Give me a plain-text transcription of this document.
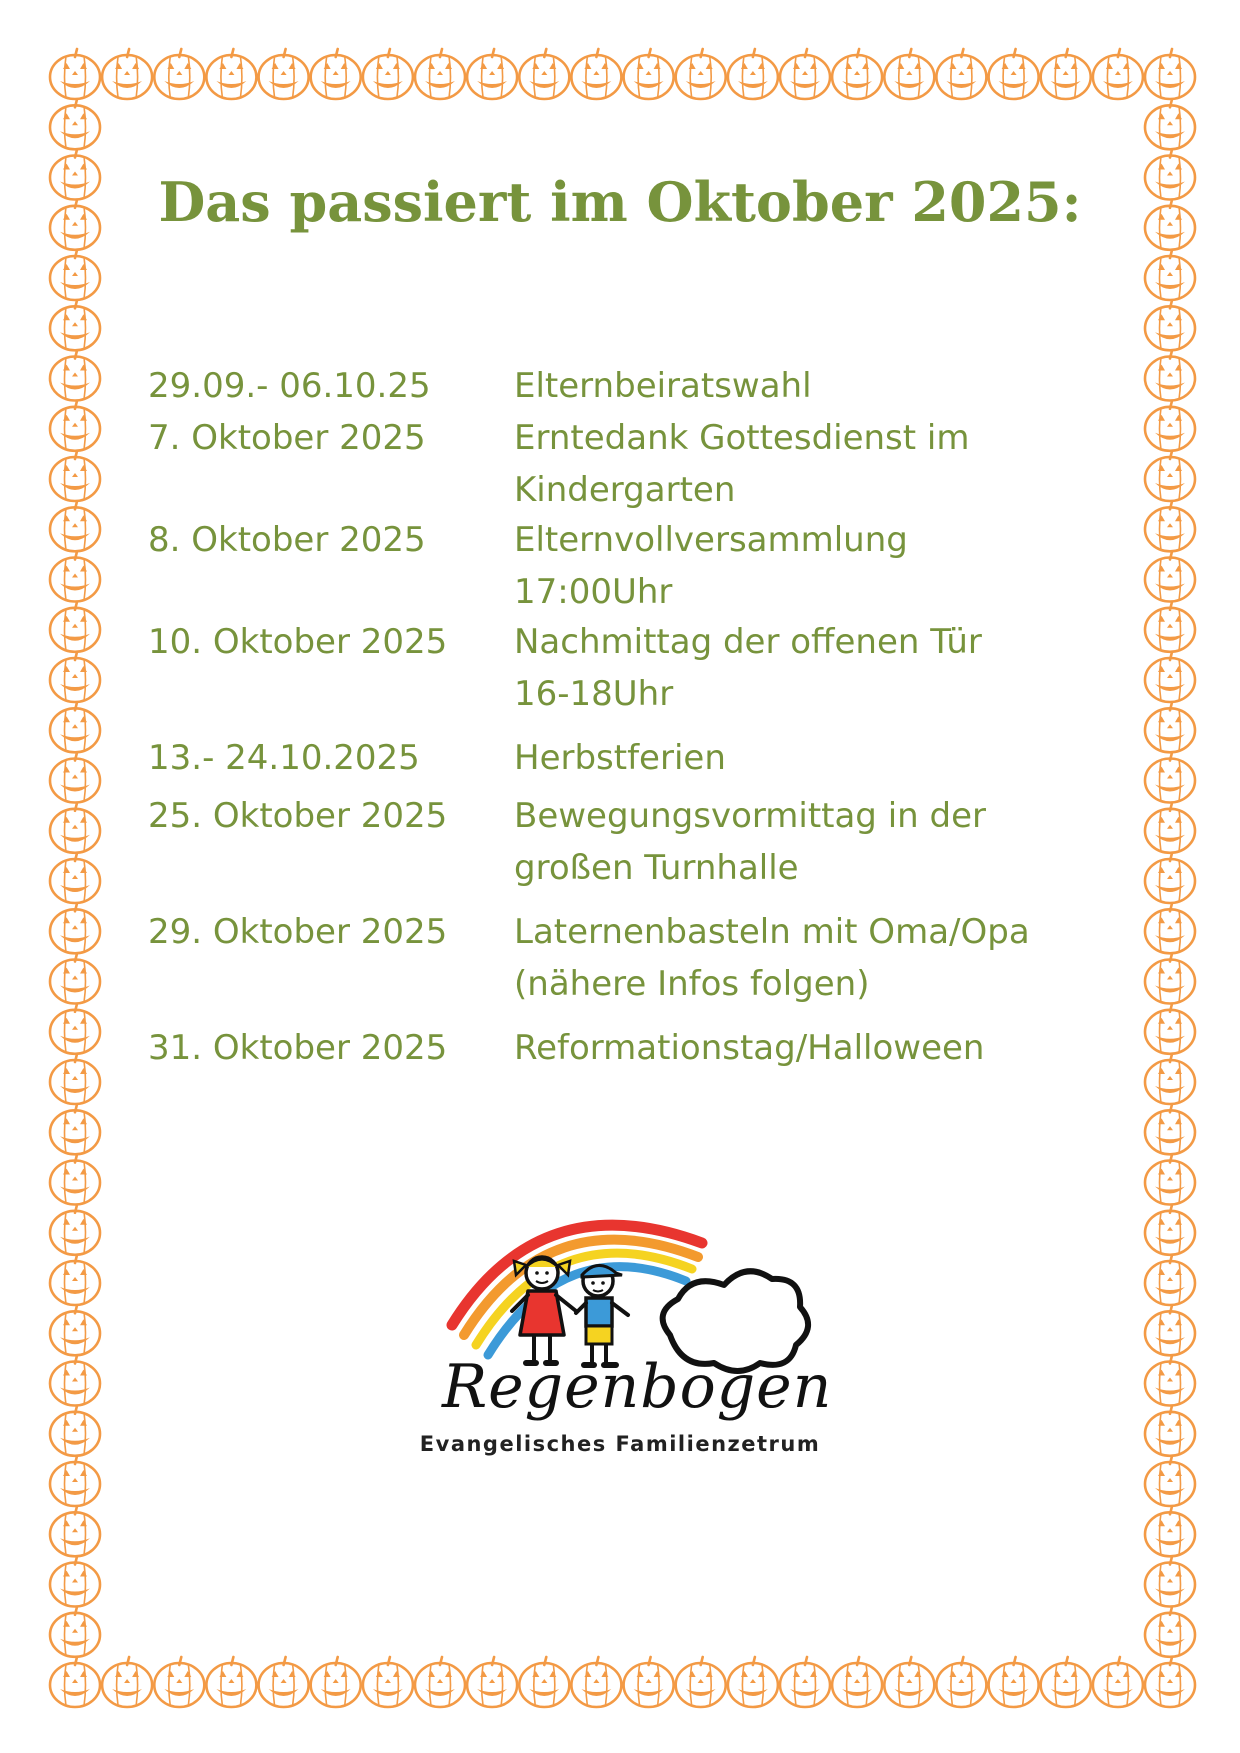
Das passiert im Oktober 2025:
29.09.- 06.10.25 Elternbeiratswahl
7. Oktober 2025	Erntedank Gottesdienst im
Kindergarten
8. Oktober 2025	Elternvollversammlung
17:00Uhr
10. Oktober 2025 Nachmittag der offenen Tür
16-18Uhr
13.- 24.10.2025	Herbstferien
25. Oktober 2025 Bewegungsvormittag in der
großen Turnhalle
29. Oktober 2025 Laternenbasteln mit Oma/Opa
(nähere Infos folgen)
31. Oktober 2025 Reformationstag/Halloween
Regenbogen
Evangelisches Familienzetrum
